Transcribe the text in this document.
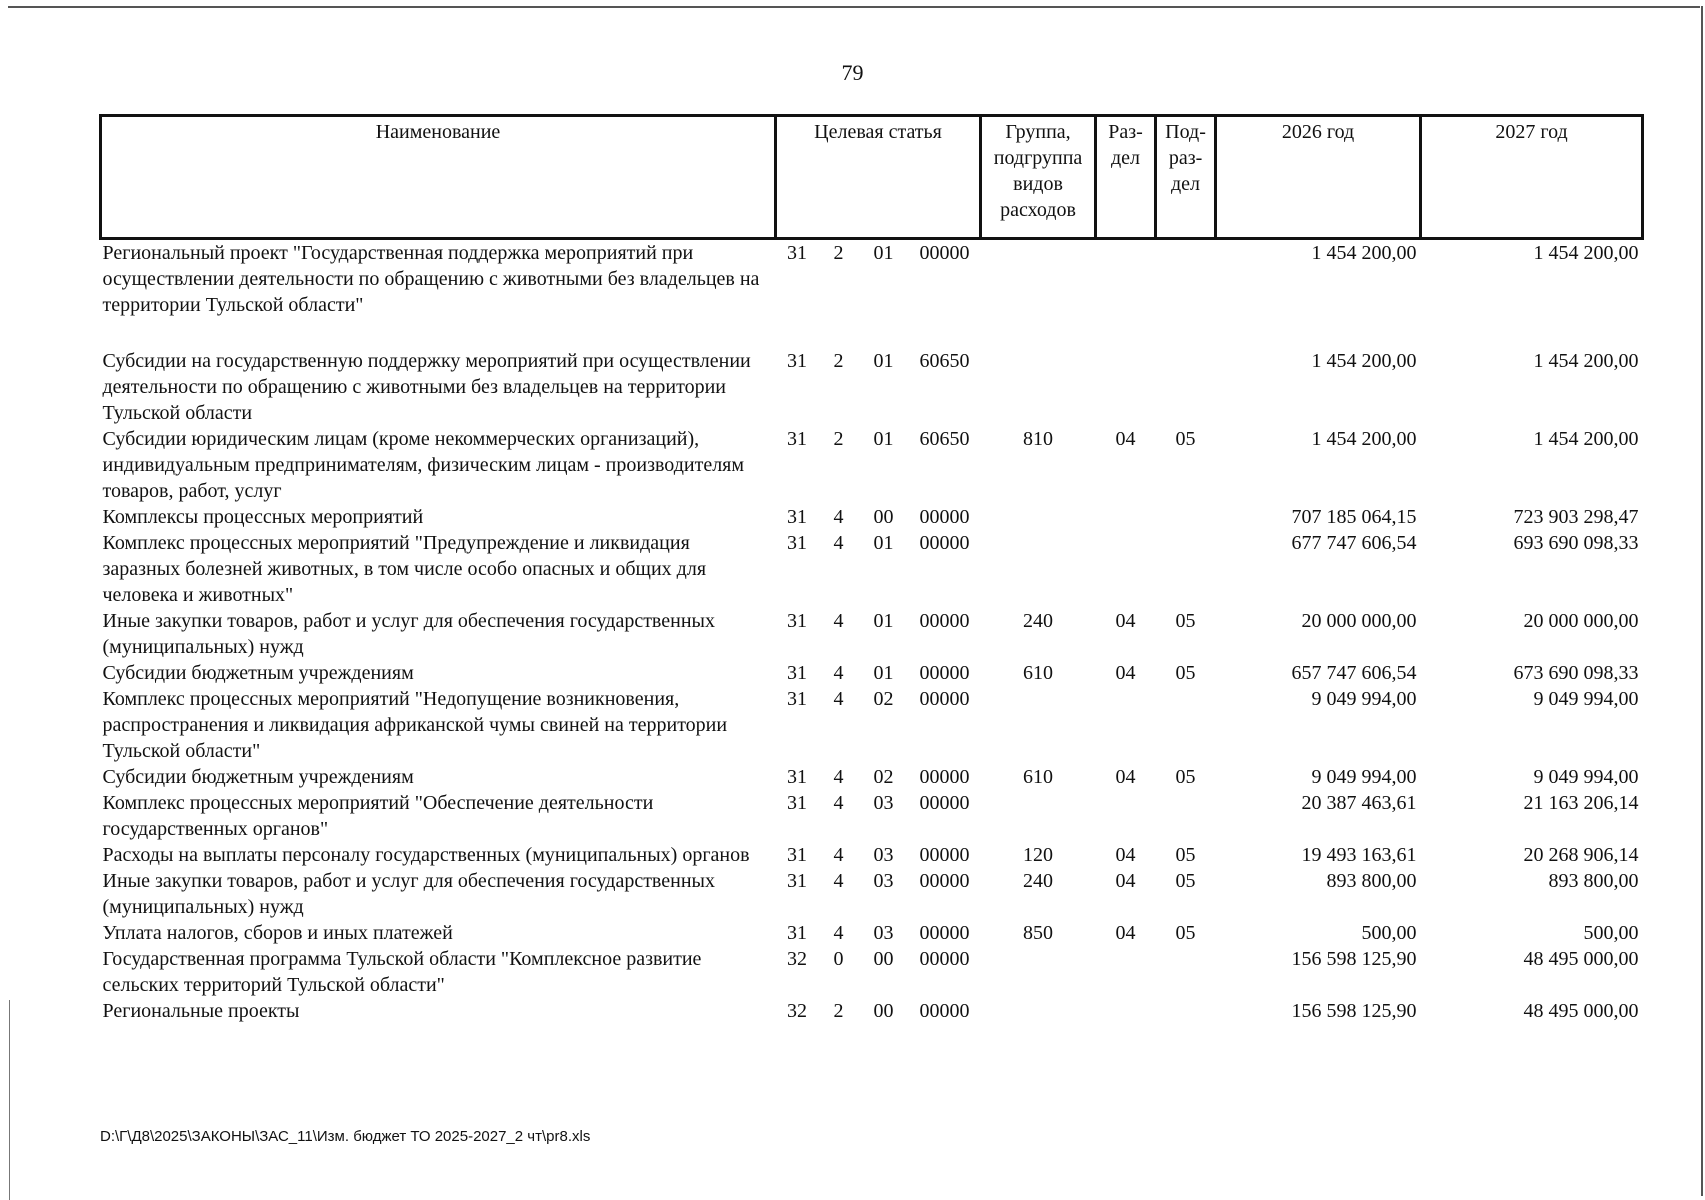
79
Наименование	Целевая статья				Группа, подгруппа видов расходов	Раз- дел	Под- раз- дел	2026 год	2027 год
Региональный проект "Государственная поддержка мероприятий при осуществлении деятельности по обращению с животными без владельцев на территории Тульской области"	31	2	01	00000				1 454 200,00	1 454 200,00
Субсидии на государственную поддержку мероприятий при осуществлении деятельности по обращению с животными без владельцев на территории Тульской области	31	2	01	60650				1 454 200,00	1 454 200,00
Субсидии юридическим лицам (кроме некоммерческих организаций), индивидуальным предпринимателям, физическим лицам - производителям товаров, работ, услуг	31	2	01	60650	810	04	05	1 454 200,00	1 454 200,00
Комплексы процессных мероприятий	31	4	00	00000				707 185 064,15	723 903 298,47
Комплекс процессных мероприятий "Предупреждение и ликвидация заразных болезней животных, в том числе особо опасных и общих для человека и животных"	31	4	01	00000				677 747 606,54	693 690 098,33
Иные закупки товаров, работ и услуг для обеспечения государственных (муниципальных) нужд	31	4	01	00000	240	04	05	20 000 000,00	20 000 000,00
Субсидии бюджетным учреждениям	31	4	01	00000	610	04	05	657 747 606,54	673 690 098,33
Комплекс процессных мероприятий "Недопущение возникновения, распространения и ликвидация африканской чумы свиней на территории Тульской области"	31	4	02	00000				9 049 994,00	9 049 994,00
Субсидии бюджетным учреждениям	31	4	02	00000	610	04	05	9 049 994,00	9 049 994,00
Комплекс процессных мероприятий "Обеспечение деятельности государственных органов"	31	4	03	00000				20 387 463,61	21 163 206,14
Расходы на выплаты персоналу государственных (муниципальных) органов	31	4	03	00000	120	04	05	19 493 163,61	20 268 906,14
Иные закупки товаров, работ и услуг для обеспечения государственных (муниципальных) нужд	31	4	03	00000	240	04	05	893 800,00	893 800,00
Уплата налогов, сборов и иных платежей	31	4	03	00000	850	04	05	500,00	500,00
Государственная программа Тульской области "Комплексное развитие сельских территорий Тульской области"	32	0	00	00000				156 598 125,90	48 495 000,00
Региональные проекты	32	2	00	00000				156 598 125,90	48 495 000,00
D:\Г\Д8\2025\ЗАКОНЫ\ЗАС_11\Изм. бюджет ТО 2025-2027_2 чт\pr8.xls
